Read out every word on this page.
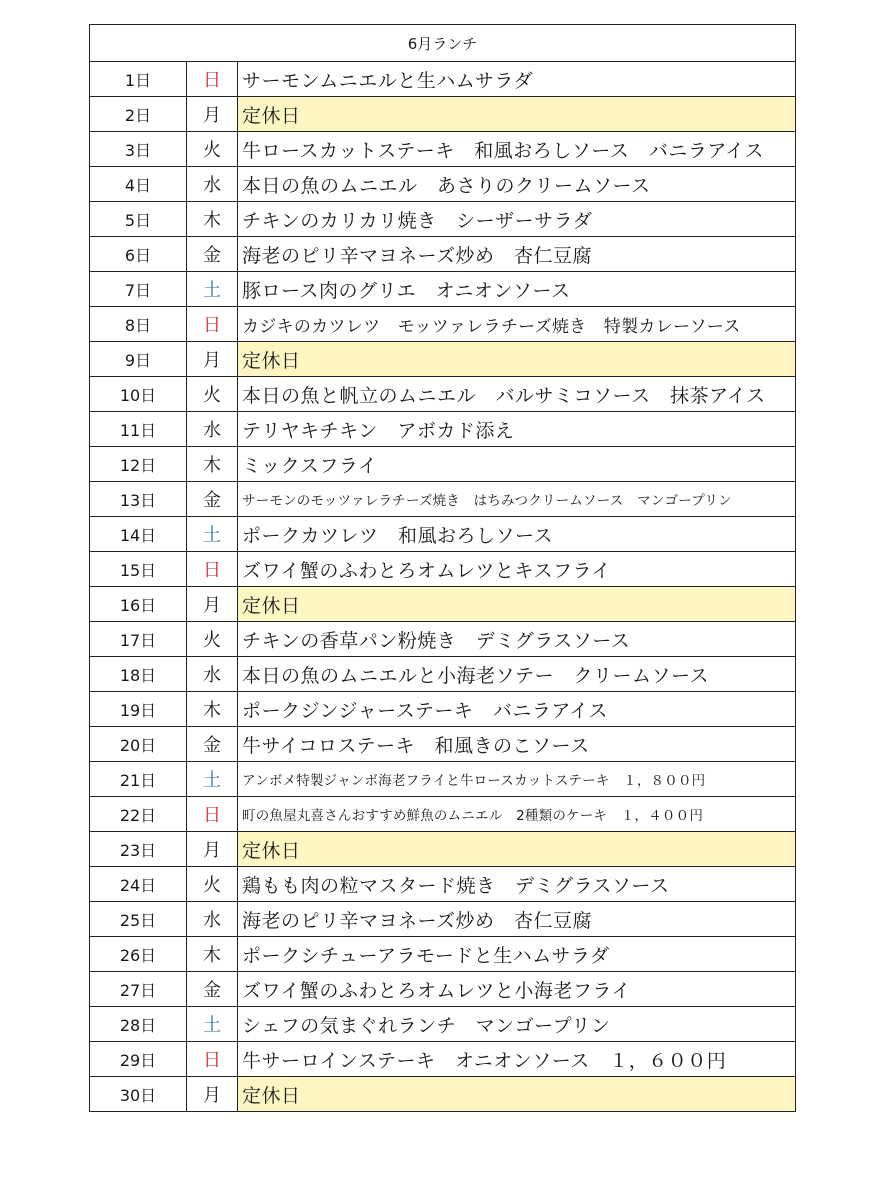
6月ランチ		
1日	日	サーモンムニエルと生ハムサラダ
2日	月	定休日
3日	火	牛ロースカットステーキ　和風おろしソース　バニラアイス
4日	水	本日の魚のムニエル　あさりのクリームソース
5日	木	チキンのカリカリ焼き　シーザーサラダ
6日	金	海老のピリ辛マヨネーズ炒め　杏仁豆腐
7日	土	豚ロース肉のグリエ　オニオンソース
8日	日	カジキのカツレツ　モッツァレラチーズ焼き　特製カレーソース
9日	月	定休日
10日	火	本日の魚と帆立のムニエル　バルサミコソース　抹茶アイス
11日	水	テリヤキチキン　アボカド添え
12日	木	ミックスフライ
13日	金	サーモンのモッツァレラチーズ焼き　はちみつクリームソース　マンゴープリン
14日	土	ポークカツレツ　和風おろしソース
15日	日	ズワイ蟹のふわとろオムレツとキスフライ
16日	月	定休日
17日	火	チキンの香草パン粉焼き　デミグラスソース
18日	水	本日の魚のムニエルと小海老ソテー　クリームソース
19日	木	ポークジンジャーステーキ　バニラアイス
20日	金	牛サイコロステーキ　和風きのこソース
21日	土	アンボメ特製ジャンボ海老フライと牛ロースカットステーキ　１，８００円
22日	日	町の魚屋丸喜さんおすすめ鮮魚のムニエル　2種類のケーキ　１，４００円
23日	月	定休日
24日	火	鶏もも肉の粒マスタード焼き　デミグラスソース
25日	水	海老のピリ辛マヨネーズ炒め　杏仁豆腐
26日	木	ポークシチューアラモードと生ハムサラダ
27日	金	ズワイ蟹のふわとろオムレツと小海老フライ
28日	土	シェフの気まぐれランチ　マンゴープリン
29日	日	牛サーロインステーキ　オニオンソース　１，６００円
30日	月	定休日
